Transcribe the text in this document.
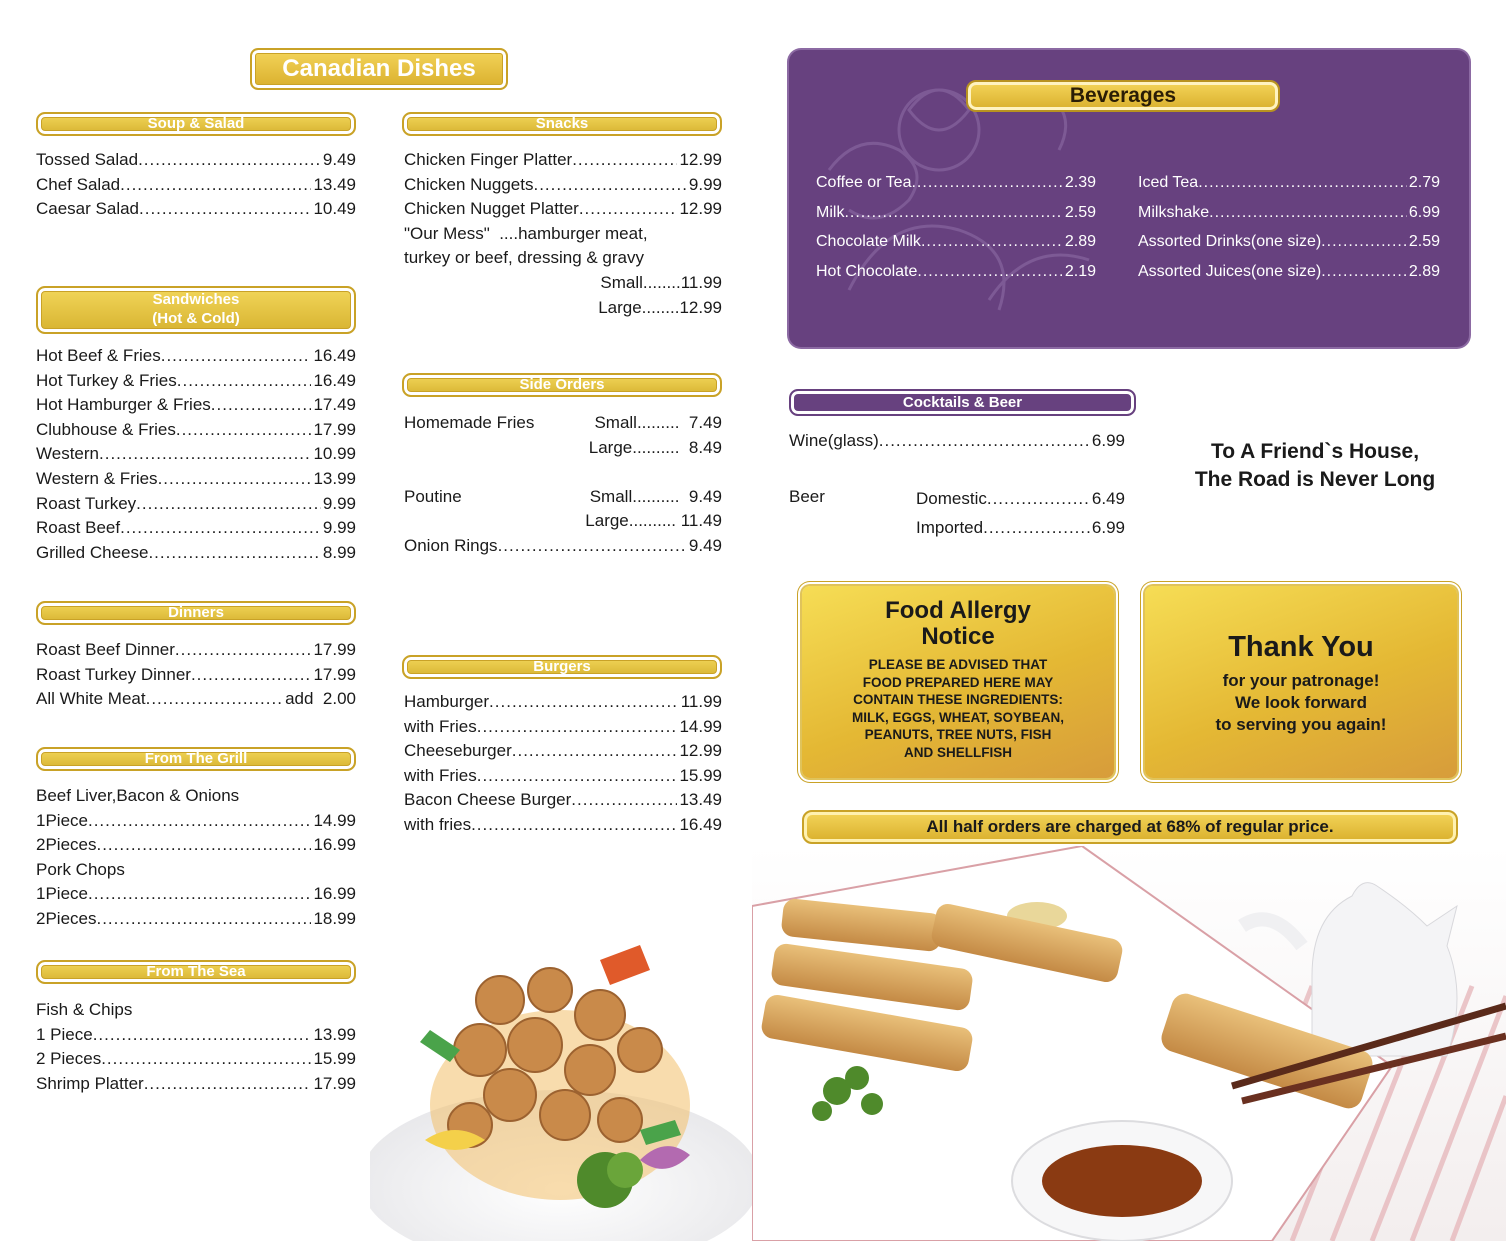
Canadian Dishes
Soup & Salad
Tossed Salad .....	9.49
Chef Salad .....	13.49
Caesar Salad .....	10.49
Sandwiches
(Hot & Cold)
Hot Beef & Fries .....	16.49
Hot Turkey & Fries .....	16.49
Hot Hamburger & Fries .....	17.49
Clubhouse & Fries .....	17.99
Western .....	10.99
Western & Fries .....	13.99
Roast Turkey .....	9.99
Roast Beef .....	9.99
Grilled Cheese .....	8.99
Dinners
Roast Beef Dinner .....	17.99
Roast Turkey Dinner .....	17.99
All White Meat .....	add  2.00
From The Grill
Beef Liver,Bacon & Onions
1Piece .....	14.99
2Pieces .....	16.99
Pork Chops
1Piece .....	16.99
2Pieces .....	18.99
From The Sea
Fish & Chips
1 Piece .....	13.99
2 Pieces .....	15.99
Shrimp Platter .....	17.99
Snacks
Chicken Finger Platter .....	12.99
Chicken Nuggets .....	9.99
Chicken Nugget Platter .....	12.99
"Our Mess"  ....hamburger meat,
turkey or beef, dressing & gravy
Small........11.99
Large........12.99
Side Orders
Homemade Fries	Small.........  7.49
Large..........  8.49
Poutine	Small..........  9.49
Large.......... 11.49
Onion Rings .....	9.49
Burgers
Hamburger .....	11.99
with Fries .....	14.99
Cheeseburger .....	12.99
with Fries .....	15.99
Bacon Cheese Burger .....	13.49
with fries .....	16.49
Beverages
Coffee or Tea .....	2.39
Milk .....	2.59
Chocolate Milk .....	2.89
Hot Chocolate .....	2.19
Iced Tea .....	2.79
Milkshake .....	6.99
Assorted Drinks(one size) .....	2.59
Assorted Juices(one size) .....	2.89
Cocktails & Beer
Wine(glass) .....	6.99
Beer	Domestic .....	6.49
Imported .....	6.99
To A Friend`s House,
The Road is Never Long
Food Allergy
Notice
PLEASE BE ADVISED THAT
FOOD PREPARED HERE MAY
CONTAIN THESE INGREDIENTS:
MILK, EGGS, WHEAT, SOYBEAN,
PEANUTS, TREE NUTS, FISH
AND SHELLFISH
Thank You
for your patronage!
We look forward
to serving you again!
All half orders are charged at 68% of regular price.
